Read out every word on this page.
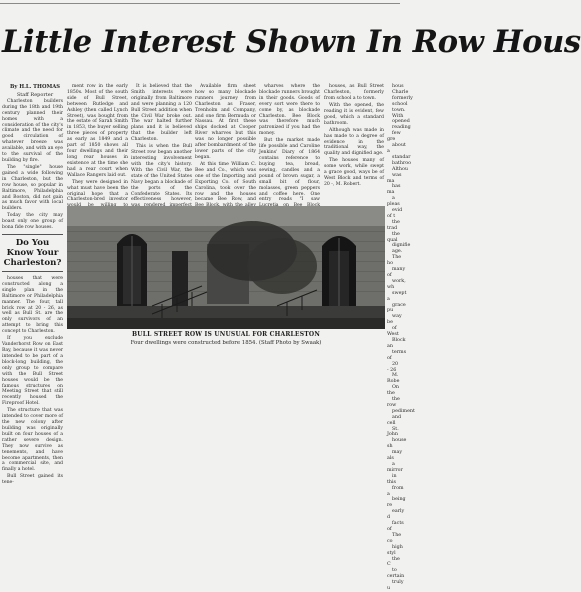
Little Interest Shown In Row Hous

By H.L. THOMAS

Staff Reporter

Charleston builders during the 18th and 19th century planned their homes with a consideration of the city's climate and the need for good circulation of whatever breeze was available, and with an eye to the survival of the building by fire.

The "single" house gained a wide following in Charleston, but the row house, so popular in Baltimore, Philadelphia and Boston, did not gain as much favor with local builders.

Today the city may boast only one group of bona fide row houses.

Do You Know Your Charleston?

houses that were constructed along a single plan in the Baltimore or Philadelphia manner. The four, tall brick row at 20 - 26, as well as Bull St. are the only survivors of an attempt to bring this concept to Charleston.

If you exclude Vanderhorst Row on East Bay, because it was never intended to be part of a block-long building, the only group to compare with the Bull Street houses would be the famous structures on Meeting Street that still recently housed the Fireproof Hotel.

The structure that was intended to cover more of the new colony after building was originally built on four houses of a rather severe design. They now survive as tenements, and have become apartments, then a commercial site, and finally a hotel.

Bull Street gained its tene-

ment row in the early 1850s. Most of the south side of Bull Street, between Rutledge and Ashley (then called Lynch Street), was bought from the estate of Sarah Smith in 1853, the buyer selling three pieces of property as early as 1849 and a part of 1850 shows all four dwellings and their long rear houses in existence at the time she had a rear court when Wallace Rangers laid out.

They were designed in what must have been the original hope that a Charleston-bred investor

It is believed that the Smith interests were originally from Baltimore and were planning a 120 Bull Street addition when the Civil War broke out. The war halted further plans and it is believed that the builder left Charleston.

This is when the Bull Street row began another interesting involvement with the city's history. With the Civil War, the state of the United States Navy began a blockade of the ports of the Confederate States. Its effectiveness however,

Available firm sheet how so many blockade runners journey from Charleston as Fraser, Trenholm and Company, and one firm Bermuda or Nassau. At first these ships docked at Cooper River wharves but this was no longer possible after bombardment of the lower parts of the city began.

At this time William C. Bee and Co., which was one of the Importing and Exporting Co. of South Carolina, took over the row and the houses became Bee Row, and

wharves where the blockade runners brought in their goods. Goods of every sort were there to come by, as blockade Charleston. Bee Block was therefore much patronized if you had the money.

But the market made life possible and Caroline Jenkins' Diary of 1864 contains reference to buying tea, bread, sewing, candles and a pound of brown sugar, a small bit of flour, molasses, green peppers and coffee here. One entry reads "I saw

houses, as Bull Street Charleston, formerly from school a to town.

With the opened, the reading it is evident, few good, which a standard bathroom.

Although was made in has made to a degree of evidence in the traditional way, the quality and dignified age.

The houses many of some work, while swept a grace good, ways be of West Block and terms of 20 -, M. Robert.

hous

Charle

formerly

school

town.

With

opened

reading

few gre

about a

standar

bathroo

Althou

was ma

has ma

a pleas

evid of t

the trad

the qual

dignifie

age.

The ho

many of

work, wh

swept a

grace pu

way be

of West

Block an

terms of

20 - 26

M. Robe

On the

the row

pediment

and cell

St. John

house sh

may als

a mirror

in this

from a

being re

early d

facts of

The co

high styl

the C

to certain

truly u

BULL STREET ROW IS UNUSUAL FOR CHARLESTON
Four dwellings were constructed before 1854. (Staff Photo by Swaak)
